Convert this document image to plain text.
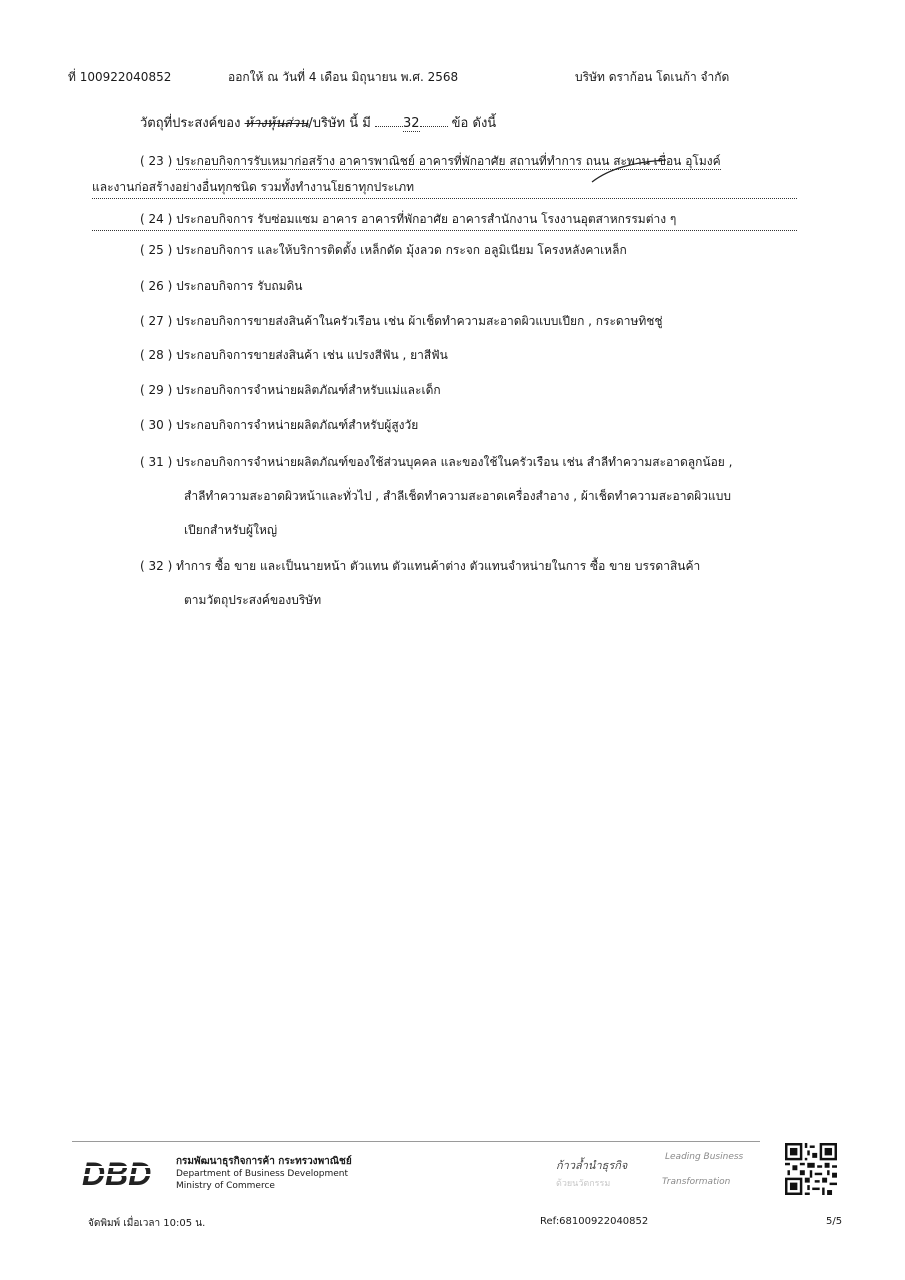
ที่ 100922040852	ออกให้ ณ วันที่ 4 เดือน มิถุนายน พ.ศ. 2568	บริษัท ดราก้อน โดเนก้า จำกัด
วัตถุที่ประสงค์ของ ห้างหุ้นส่วน/บริษัท นี้ มี 32 ข้อ ดังนี้
( 23 ) ประกอบกิจการรับเหมาก่อสร้าง อาคารพาณิชย์ อาคารที่พักอาศัย สถานที่ทำการ ถนน สะพาน เขื่อน อุโมงค์
และงานก่อสร้างอย่างอื่นทุกชนิด รวมทั้งทำงานโยธาทุกประเภท
( 24 ) ประกอบกิจการ รับซ่อมแซม อาคาร อาคารที่พักอาศัย อาคารสำนักงาน โรงงานอุตสาหกรรมต่าง ๆ
( 25 ) ประกอบกิจการ และให้บริการติดตั้ง เหล็กดัด มุ้งลวด กระจก อลูมิเนียม โครงหลังคาเหล็ก
( 26 ) ประกอบกิจการ รับถมดิน
( 27 ) ประกอบกิจการขายส่งสินค้าในครัวเรือน เช่น ผ้าเช็ดทำความสะอาดผิวแบบเปียก , กระดาษทิชชู่
( 28 ) ประกอบกิจการขายส่งสินค้า เช่น แปรงสีฟัน , ยาสีฟัน
( 29 ) ประกอบกิจการจำหน่ายผลิตภัณฑ์สำหรับแม่และเด็ก
( 30 ) ประกอบกิจการจำหน่ายผลิตภัณฑ์สำหรับผู้สูงวัย
( 31 ) ประกอบกิจการจำหน่ายผลิตภัณฑ์ของใช้ส่วนบุคคล และของใช้ในครัวเรือน เช่น สำลีทำความสะอาดลูกน้อย ,
สำลีทำความสะอาดผิวหน้าและทั่วไป , สำลีเช็ดทำความสะอาดเครื่องสำอาง , ผ้าเช็ดทำความสะอาดผิวแบบ
เปียกสำหรับผู้ใหญ่
( 32 ) ทำการ ซื้อ ขาย และเป็นนายหน้า ตัวแทน ตัวแทนค้าต่าง ตัวแทนจำหน่ายในการ ซื้อ ขาย บรรดาสินค้า
ตามวัตถุประสงค์ของบริษัท
DBD กรมพัฒนาธุรกิจการค้า กระทรวงพาณิชย์
Department of Business Development
Ministry of Commerce
ก้าวล้ำนำธุรกิจ
ด้วยนวัตกรรม
Leading Business
Transformation
จัดพิมพ์ เมื่อเวลา 10:05 น.	Ref:68100922040852	5/5
